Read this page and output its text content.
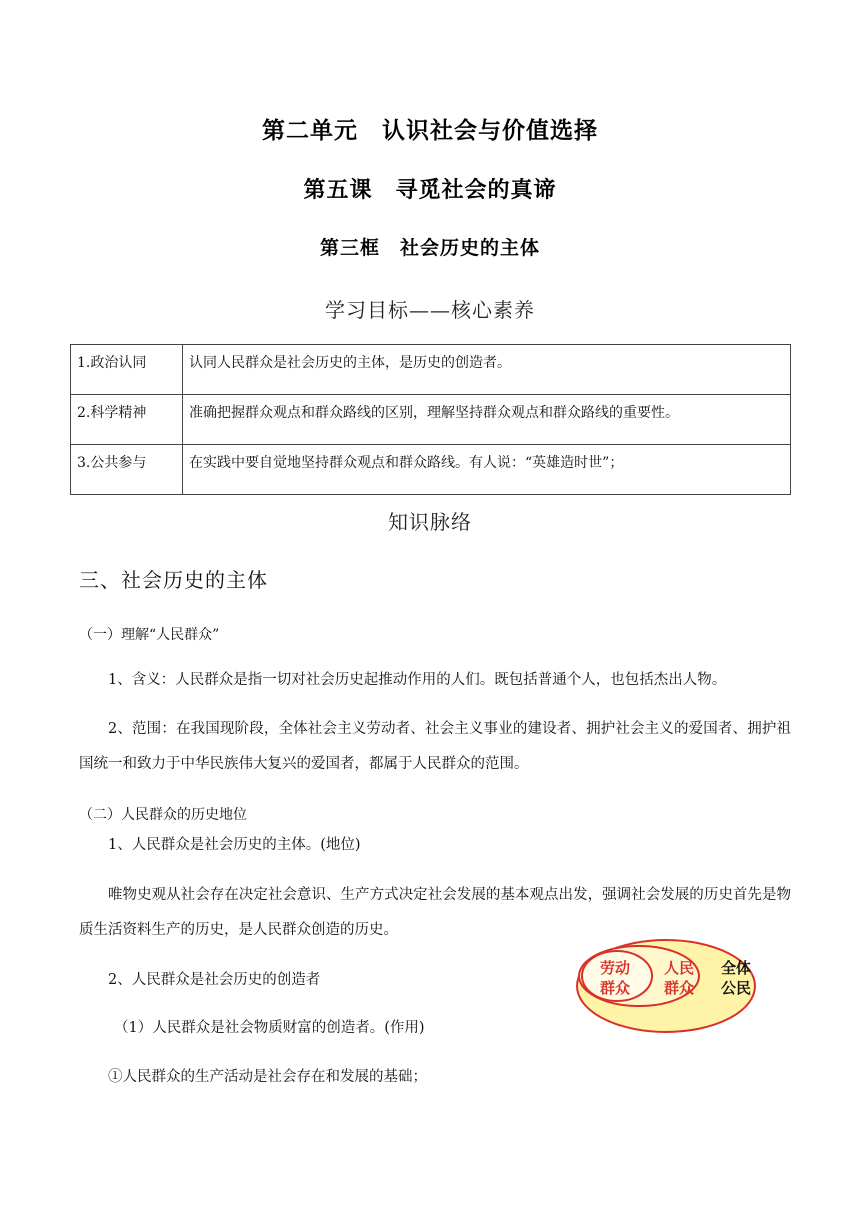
第二单元　认识社会与价值选择
第五课　寻觅社会的真谛
第三框　社会历史的主体
学习目标——核心素养
1.政治认同	认同人民群众是社会历史的主体，是历史的创造者。
2.科学精神	准确把握群众观点和群众路线的区别，理解坚持群众观点和群众路线的重要性。
3.公共参与	在实践中要自觉地坚持群众观点和群众路线。有人说：“英雄造时世”；
知识脉络
三、社会历史的主体
（一）理解“人民群众”
1、含义：人民群众是指一切对社会历史起推动作用的人们。既包括普通个人，也包括杰出人物。
2、范围：在我国现阶段，全体社会主义劳动者、社会主义事业的建设者、拥护社会主义的爱国者、拥护祖国统一和致力于中华民族伟大复兴的爱国者，都属于人民群众的范围。
（二）人民群众的历史地位
1、人民群众是社会历史的主体。(地位)
唯物史观从社会存在决定社会意识、生产方式决定社会发展的基本观点出发，强调社会发展的历史首先是物质生活资料生产的历史，是人民群众创造的历史。
2、人民群众是社会历史的创造者
（1）人民群众是社会物质财富的创造者。(作用)
①人民群众的生产活动是社会存在和发展的基础；
劳动
群众
人民
群众
全体
公民
